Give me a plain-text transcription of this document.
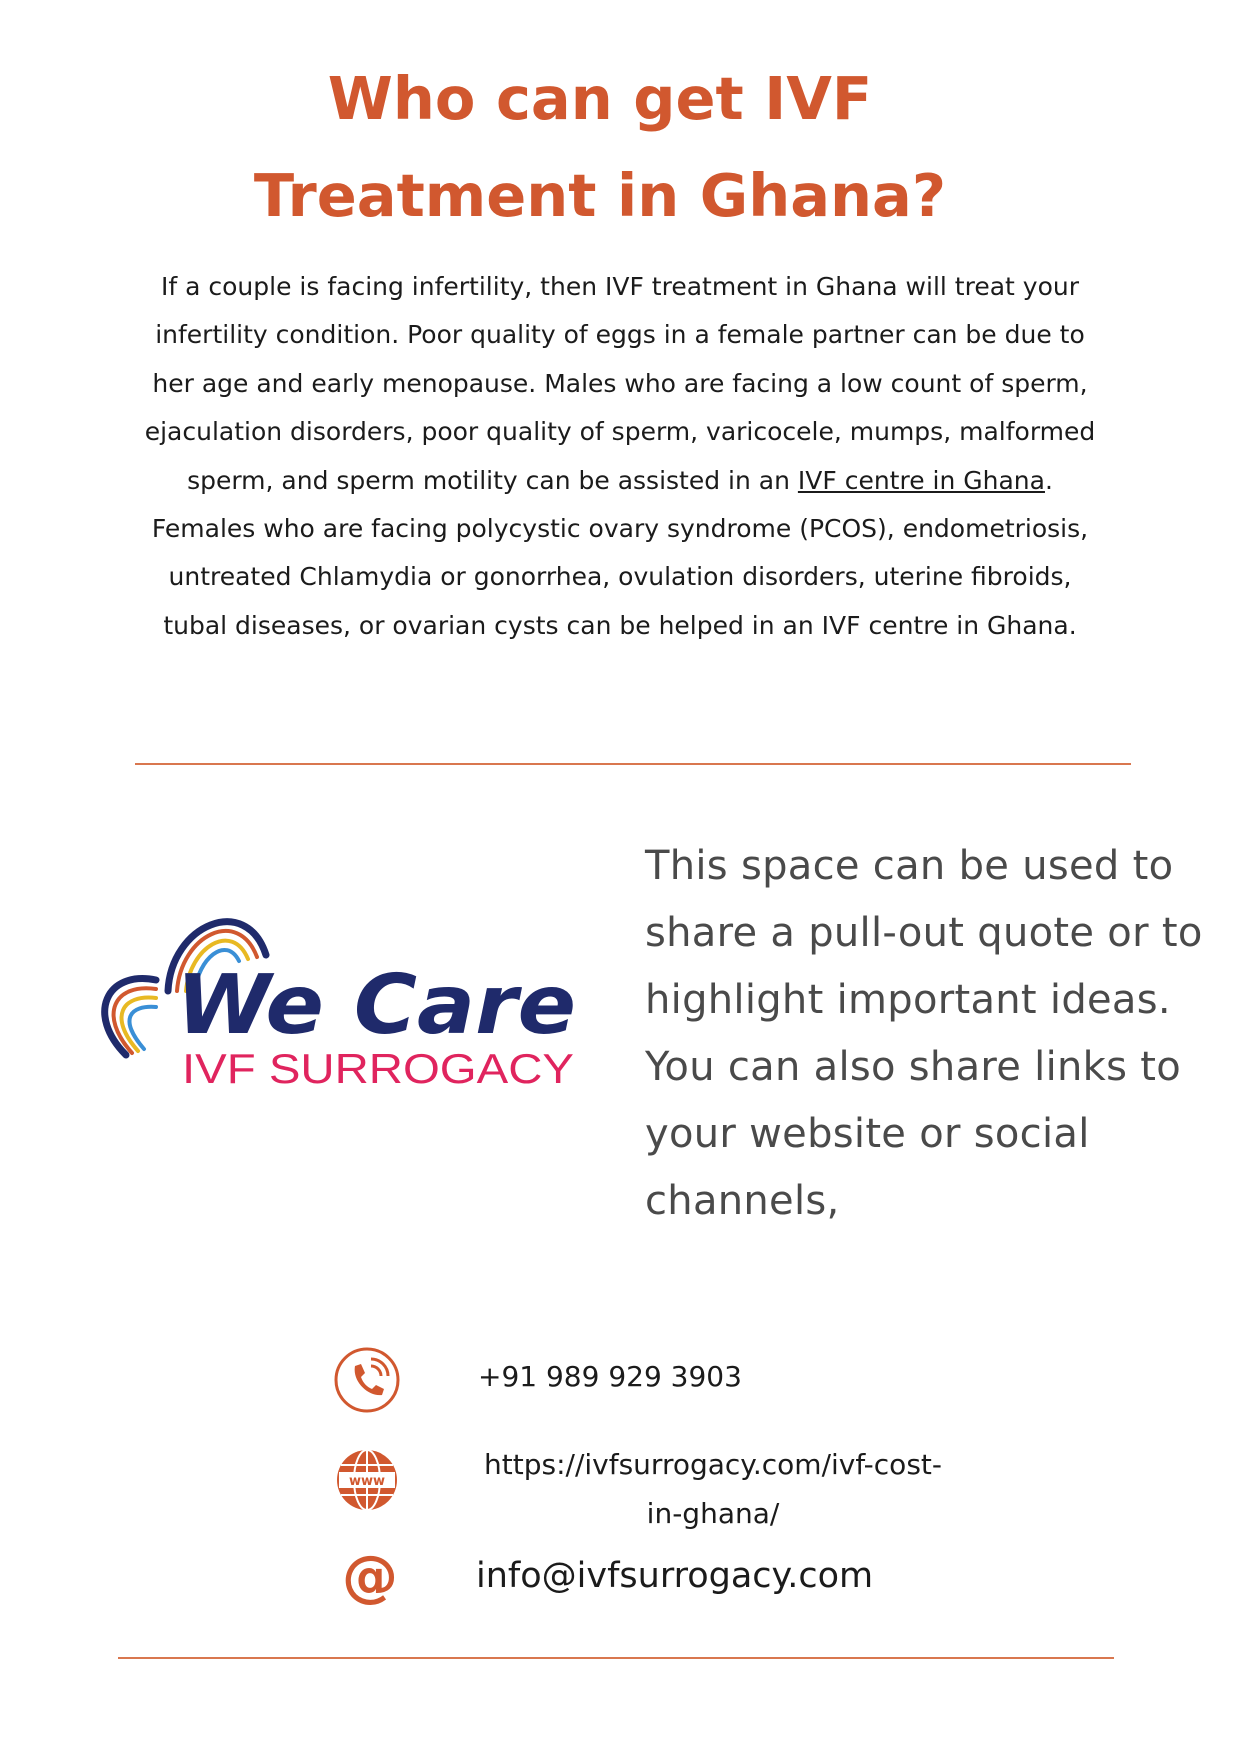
Who can get IVF Treatment in Ghana?

If a couple is facing infertility, then IVF treatment in Ghana will treat your infertility condition. Poor quality of eggs in a female partner can be due to her age and early menopause. Males who are facing a low count of sperm, ejaculation disorders, poor quality of sperm, varicocele, mumps, malformed sperm, and sperm motility can be assisted in an IVF centre in Ghana. Females who are facing polycystic ovary syndrome (PCOS), endometriosis, untreated Chlamydia or gonorrhea, ovulation disorders, uterine fibroids, tubal diseases, or ovarian cysts can be helped in an IVF centre in Ghana.

We Care
IVF SURROGACY

This space can be used to share a pull-out quote or to highlight important ideas. You can also share links to your website or social channels,

+91 989 929 3903
www
https://ivfsurrogacy.com/ivf-cost-in-ghana/
@ info@ivfsurrogacy.com
